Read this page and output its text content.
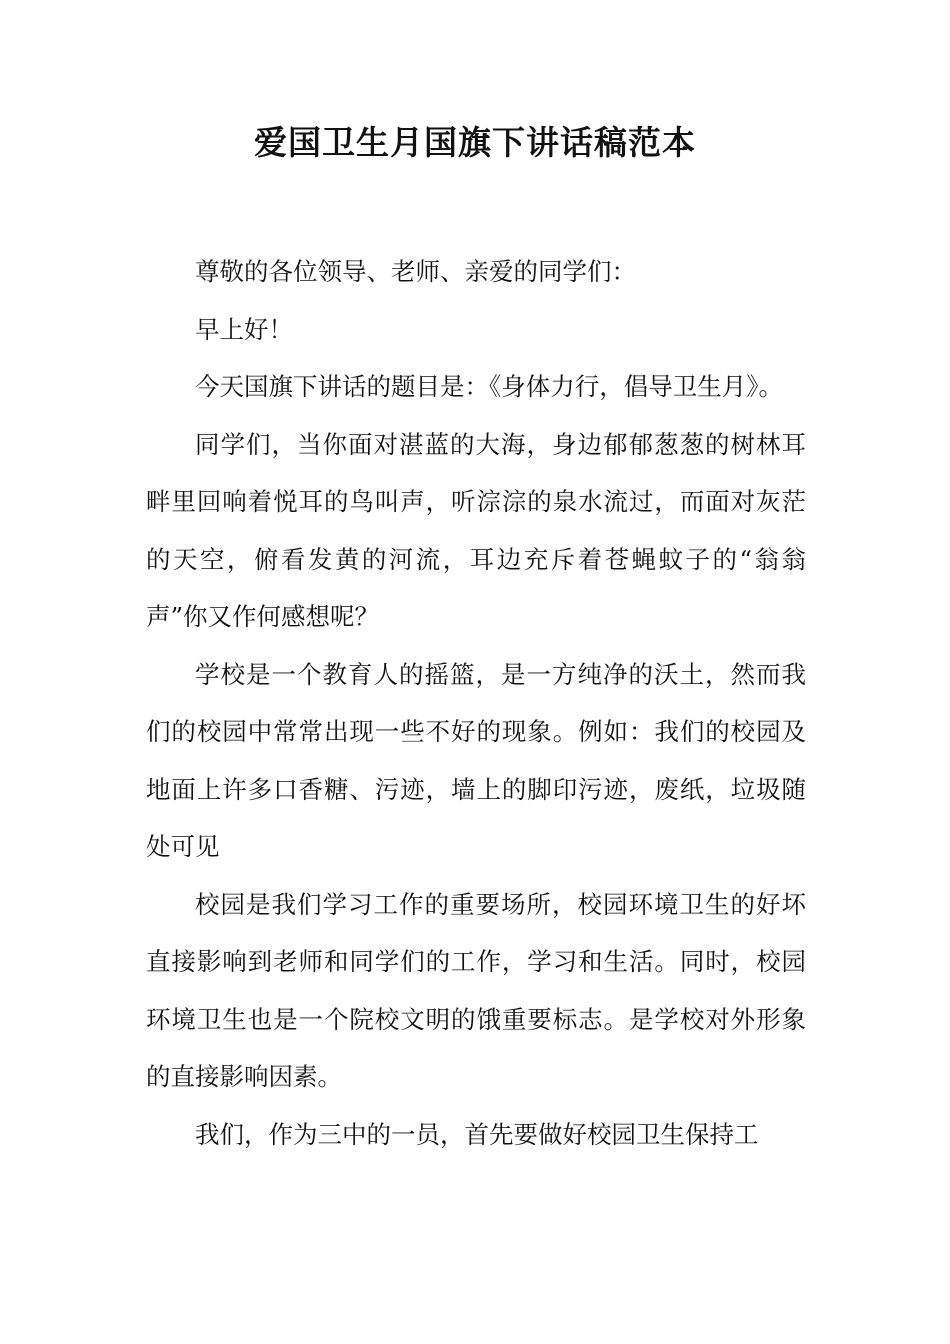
爱国卫生月国旗下讲话稿范本

尊敬的各位领导、老师、亲爱的同学们：

早上好！

今天国旗下讲话的题目是：《身体力行，倡导卫生月》。

同学们，当你面对湛蓝的大海，身边郁郁葱葱的树林耳畔里回响着悦耳的鸟叫声，听淙淙的泉水流过，而面对灰茫的天空，俯看发黄的河流，耳边充斥着苍蝇蚊子的“翁翁声”你又作何感想呢？

学校是一个教育人的摇篮，是一方纯净的沃土，然而我们的校园中常常出现一些不好的现象。例如：我们的校园及地面上许多口香糖、污迹，墙上的脚印污迹，废纸，垃圾随处可见

校园是我们学习工作的重要场所，校园环境卫生的好坏直接影响到老师和同学们的工作，学习和生活。同时，校园环境卫生也是一个院校文明的饿重要标志。是学校对外形象的直接影响因素。

我们，作为三中的一员，首先要做好校园卫生保持工
